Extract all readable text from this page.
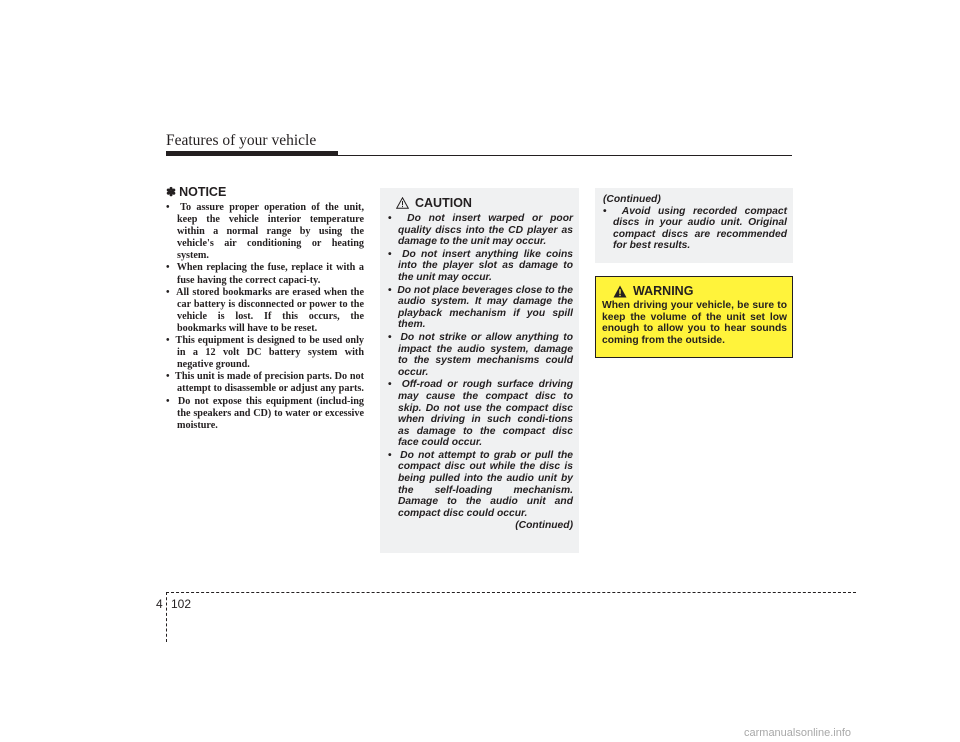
Features of your vehicle
✽ NOTICE
•  To assure proper operation of the unit, keep the vehicle interior temperature within a normal range by using the vehicle's air conditioning or heating system.
•  When replacing the fuse, replace it with a fuse having the correct capaci-ty.
•  All stored bookmarks are erased when the car battery is disconnected or power to the vehicle is lost. If this occurs, the bookmarks will have to be reset.
•  This equipment is designed to be used only in a 12 volt DC battery system with negative ground.
•  This unit is made of precision parts. Do not attempt to disassemble or adjust any parts.
•  Do not expose this equipment (includ-ing the speakers and CD) to water or excessive moisture.
CAUTION
•  Do not insert warped or poor quality discs into the CD player as damage to the unit may occur.
•  Do not insert anything like coins into the player slot as damage to the unit may occur.
•  Do not place beverages close to the audio system. It may damage the playback mechanism if you spill them.
•  Do not strike or allow anything to impact the audio system, damage to the system mechanisms could occur.
•  Off-road or rough surface driving may cause the compact disc to skip. Do not use the compact disc when driving in such condi-tions as damage to the compact disc face could occur.
•  Do not attempt to grab or pull the compact disc out while the disc is being pulled into the audio unit by the self-loading mechanism. Damage to the audio unit and compact disc could occur.
(Continued)
(Continued)
•  Avoid using recorded compact discs in your audio unit. Original compact discs are recommended for best results.
WARNING
When driving your vehicle, be sure to keep the volume of the unit set low enough to allow you to hear sounds coming from the outside.
4 102
carmanualsonline.info
